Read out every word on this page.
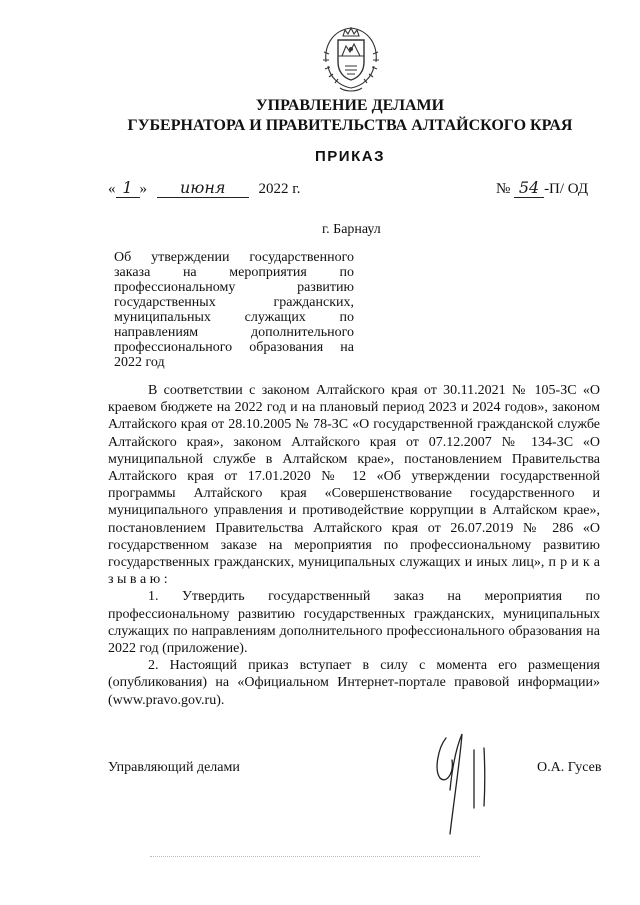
УПРАВЛЕНИЕ ДЕЛАМИ
ГУБЕРНАТОРА И ПРАВИТЕЛЬСТВА АЛТАЙСКОГО КРАЯ
ПРИКАЗ
« 1 » июня 2022 г.	№ 54 -П/ ОД
г. Барнаул
Об утверждении государственного заказа на мероприятия по профессиональному развитию государственных гражданских, муниципальных служащих по направлениям дополнительного профессионального образования на 2022 год

В соответствии с законом Алтайского края от 30.11.2021 № 105-ЗС «О краевом бюджете на 2022 год и на плановый период 2023 и 2024 годов», законом Алтайского края от 28.10.2005 № 78-ЗС «О государственной гражданской службе Алтайского края», законом Алтайского края от 07.12.2007 № 134-ЗС «О муниципальной службе в Алтайском крае», постановлением Правительства Алтайского края от 17.01.2020 № 12 «Об утверждении государственной программы Алтайского края «Совершенствование государственного и муниципального управления и противодействие коррупции в Алтайском крае», постановлением Правительства Алтайского края от 26.07.2019 № 286 «О государственном заказе на мероприятия по профессиональному развитию государственных гражданских, муниципальных служащих и иных лиц», п р и к а з ы в а ю :

1. Утвердить государственный заказ на мероприятия по профессиональному развитию государственных гражданских, муниципальных служащих по направлениям дополнительного профессионального образования на 2022 год (приложение).

2. Настоящий приказ вступает в силу с момента его размещения (опубликования) на «Официальном Интернет-портале правовой информации» (www.pravo.gov.ru).

Управляющий делами	О.А. Гусев
